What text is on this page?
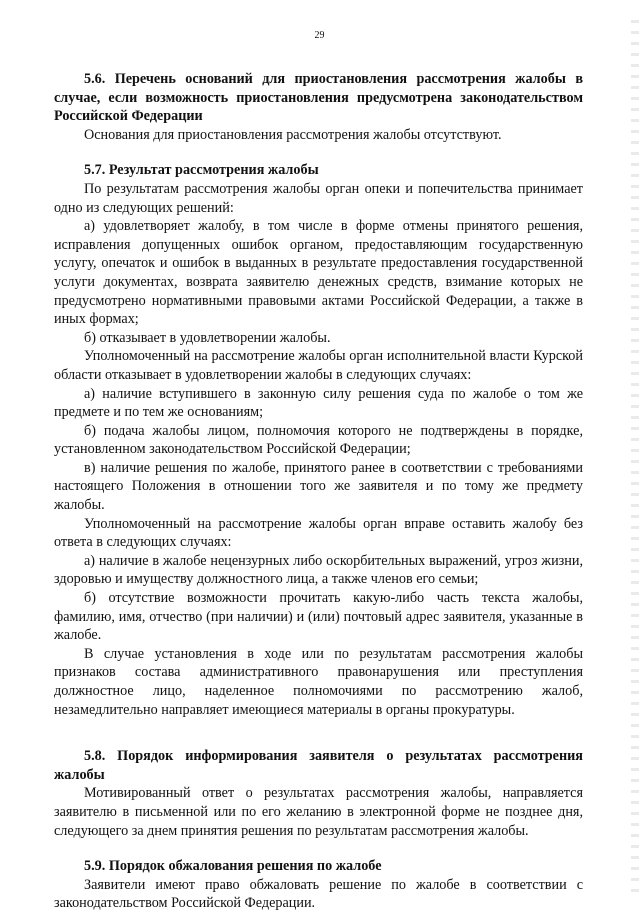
29

5.6. Перечень оснований для приостановления рассмотрения жалобы в случае, если возможность приостановления предусмотрена законодательством Российской Федерации

Основания для приостановления рассмотрения жалобы отсутствуют.

5.7. Результат рассмотрения жалобы

По результатам рассмотрения жалобы орган опеки и попечительства принимает одно из следующих решений:

а) удовлетворяет жалобу, в том числе в форме отмены принятого решения, исправления допущенных ошибок органом, предоставляющим государственную услугу, опечаток и ошибок в выданных в результате предоставления государственной услуги документах, возврата заявителю денежных средств, взимание которых не предусмотрено нормативными правовыми актами Российской Федерации, а также в иных формах;

б) отказывает в удовлетворении жалобы.

Уполномоченный на рассмотрение жалобы орган исполнительной власти Курской области отказывает в удовлетворении жалобы в следующих случаях:

а) наличие вступившего в законную силу решения суда по жалобе о том же предмете и по тем же основаниям;

б) подача жалобы лицом, полномочия которого не подтверждены в порядке, установленном законодательством Российской Федерации;

в) наличие решения по жалобе, принятого ранее в соответствии с требованиями настоящего Положения в отношении того же заявителя и по тому же предмету жалобы.

Уполномоченный на рассмотрение жалобы орган вправе оставить жалобу без ответа в следующих случаях:

а) наличие в жалобе нецензурных либо оскорбительных выражений, угроз жизни, здоровью и имуществу должностного лица, а также членов его семьи;

б) отсутствие возможности прочитать какую-либо часть текста жалобы, фамилию, имя, отчество (при наличии) и (или) почтовый адрес заявителя, указанные в жалобе.

В случае установления в ходе или по результатам рассмотрения жалобы признаков состава административного правонарушения или преступления должностное лицо, наделенное полномочиями по рассмотрению жалоб, незамедлительно направляет имеющиеся материалы в органы прокуратуры.

5.8. Порядок информирования заявителя о результатах рассмотрения жалобы

Мотивированный ответ о результатах рассмотрения жалобы, направляется заявителю в письменной или по его желанию в электронной форме не позднее дня, следующего за днем принятия решения по результатам рассмотрения жалобы.

5.9. Порядок обжалования решения по жалобе

Заявители имеют право обжаловать решение по жалобе в соответствии с законодательством Российской Федерации.
